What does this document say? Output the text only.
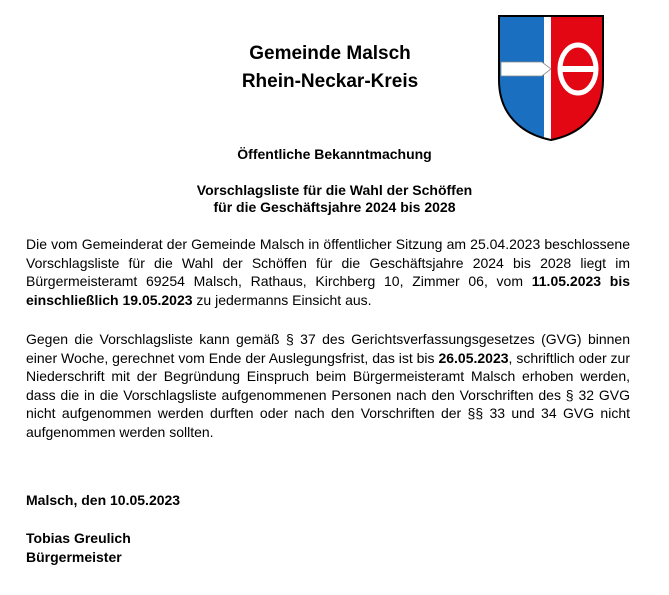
Gemeinde Malsch
Rhein-Neckar-Kreis
Öffentliche Bekanntmachung
Vorschlagsliste für die Wahl der Schöffen
für die Geschäftsjahre 2024 bis 2028
Die vom Gemeinderat der Gemeinde Malsch in öffentlicher Sitzung am 25.04.2023 beschlossene Vorschlagsliste für die Wahl der Schöffen für die Geschäftsjahre 2024 bis 2028 liegt im Bürgermeisteramt 69254 Malsch, Rathaus, Kirchberg 10, Zimmer 06, vom 11.05.2023 bis einschließlich 19.05.2023 zu jedermanns Einsicht aus.
Gegen die Vorschlagsliste kann gemäß § 37 des Gerichtsverfassungsgesetzes (GVG) binnen einer Woche, gerechnet vom Ende der Auslegungsfrist, das ist bis 26.05.2023, schriftlich oder zur Niederschrift mit der Begründung Einspruch beim Bürgermeisteramt Malsch erhoben werden, dass die in die Vorschlagsliste aufgenommenen Personen nach den Vorschriften des § 32 GVG nicht aufgenommen werden durften oder nach den Vorschriften der §§ 33 und 34 GVG nicht aufgenommen werden sollten.
Malsch, den 10.05.2023
Tobias Greulich
Bürgermeister
